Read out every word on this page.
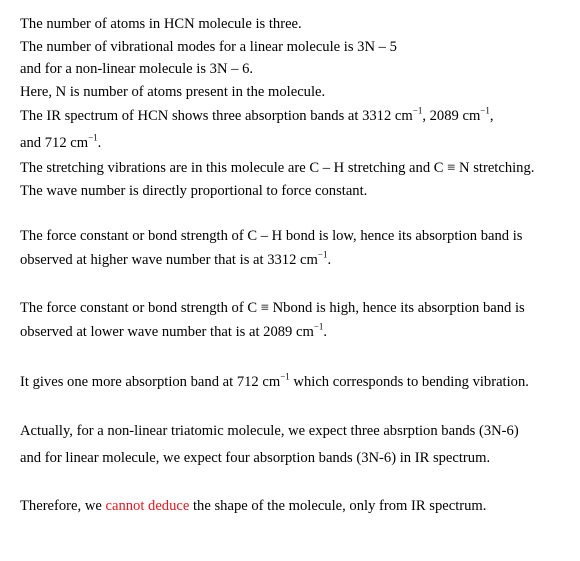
The number of atoms in HCN molecule is three.
The number of vibrational modes for a linear molecule is 3N – 5
and for a non-linear molecule is 3N – 6.
Here, N is number of atoms present in the molecule.
The IR spectrum of HCN shows three absorption bands at 3312 $cm^{-1}$, 2089 $cm^{-1}$,
and 712 $cm^{-1}$.
The stretching vibrations are in this molecule are C – H stretching and C ≡ N stretching.
The wave number is directly proportional to force constant.
The force constant or bond strength of C – H bond is low, hence its absorption band is
observed at higher wave number that is at 3312 $cm^{-1}$.
The force constant or bond strength of C ≡ Nbond is high, hence its absorption band is
observed at lower wave number that is at 2089 $cm^{-1}$.
It gives one more absorption band at 712 $cm^{-1}$ which corresponds to bending vibration.
Actually, for a non-linear triatomic molecule, we expect three absrption bands (3N-6)
and for linear molecule, we expect four absorption bands (3N-6) in IR spectrum.
Therefore, we cannot deduce the shape of the molecule, only from IR spectrum.
